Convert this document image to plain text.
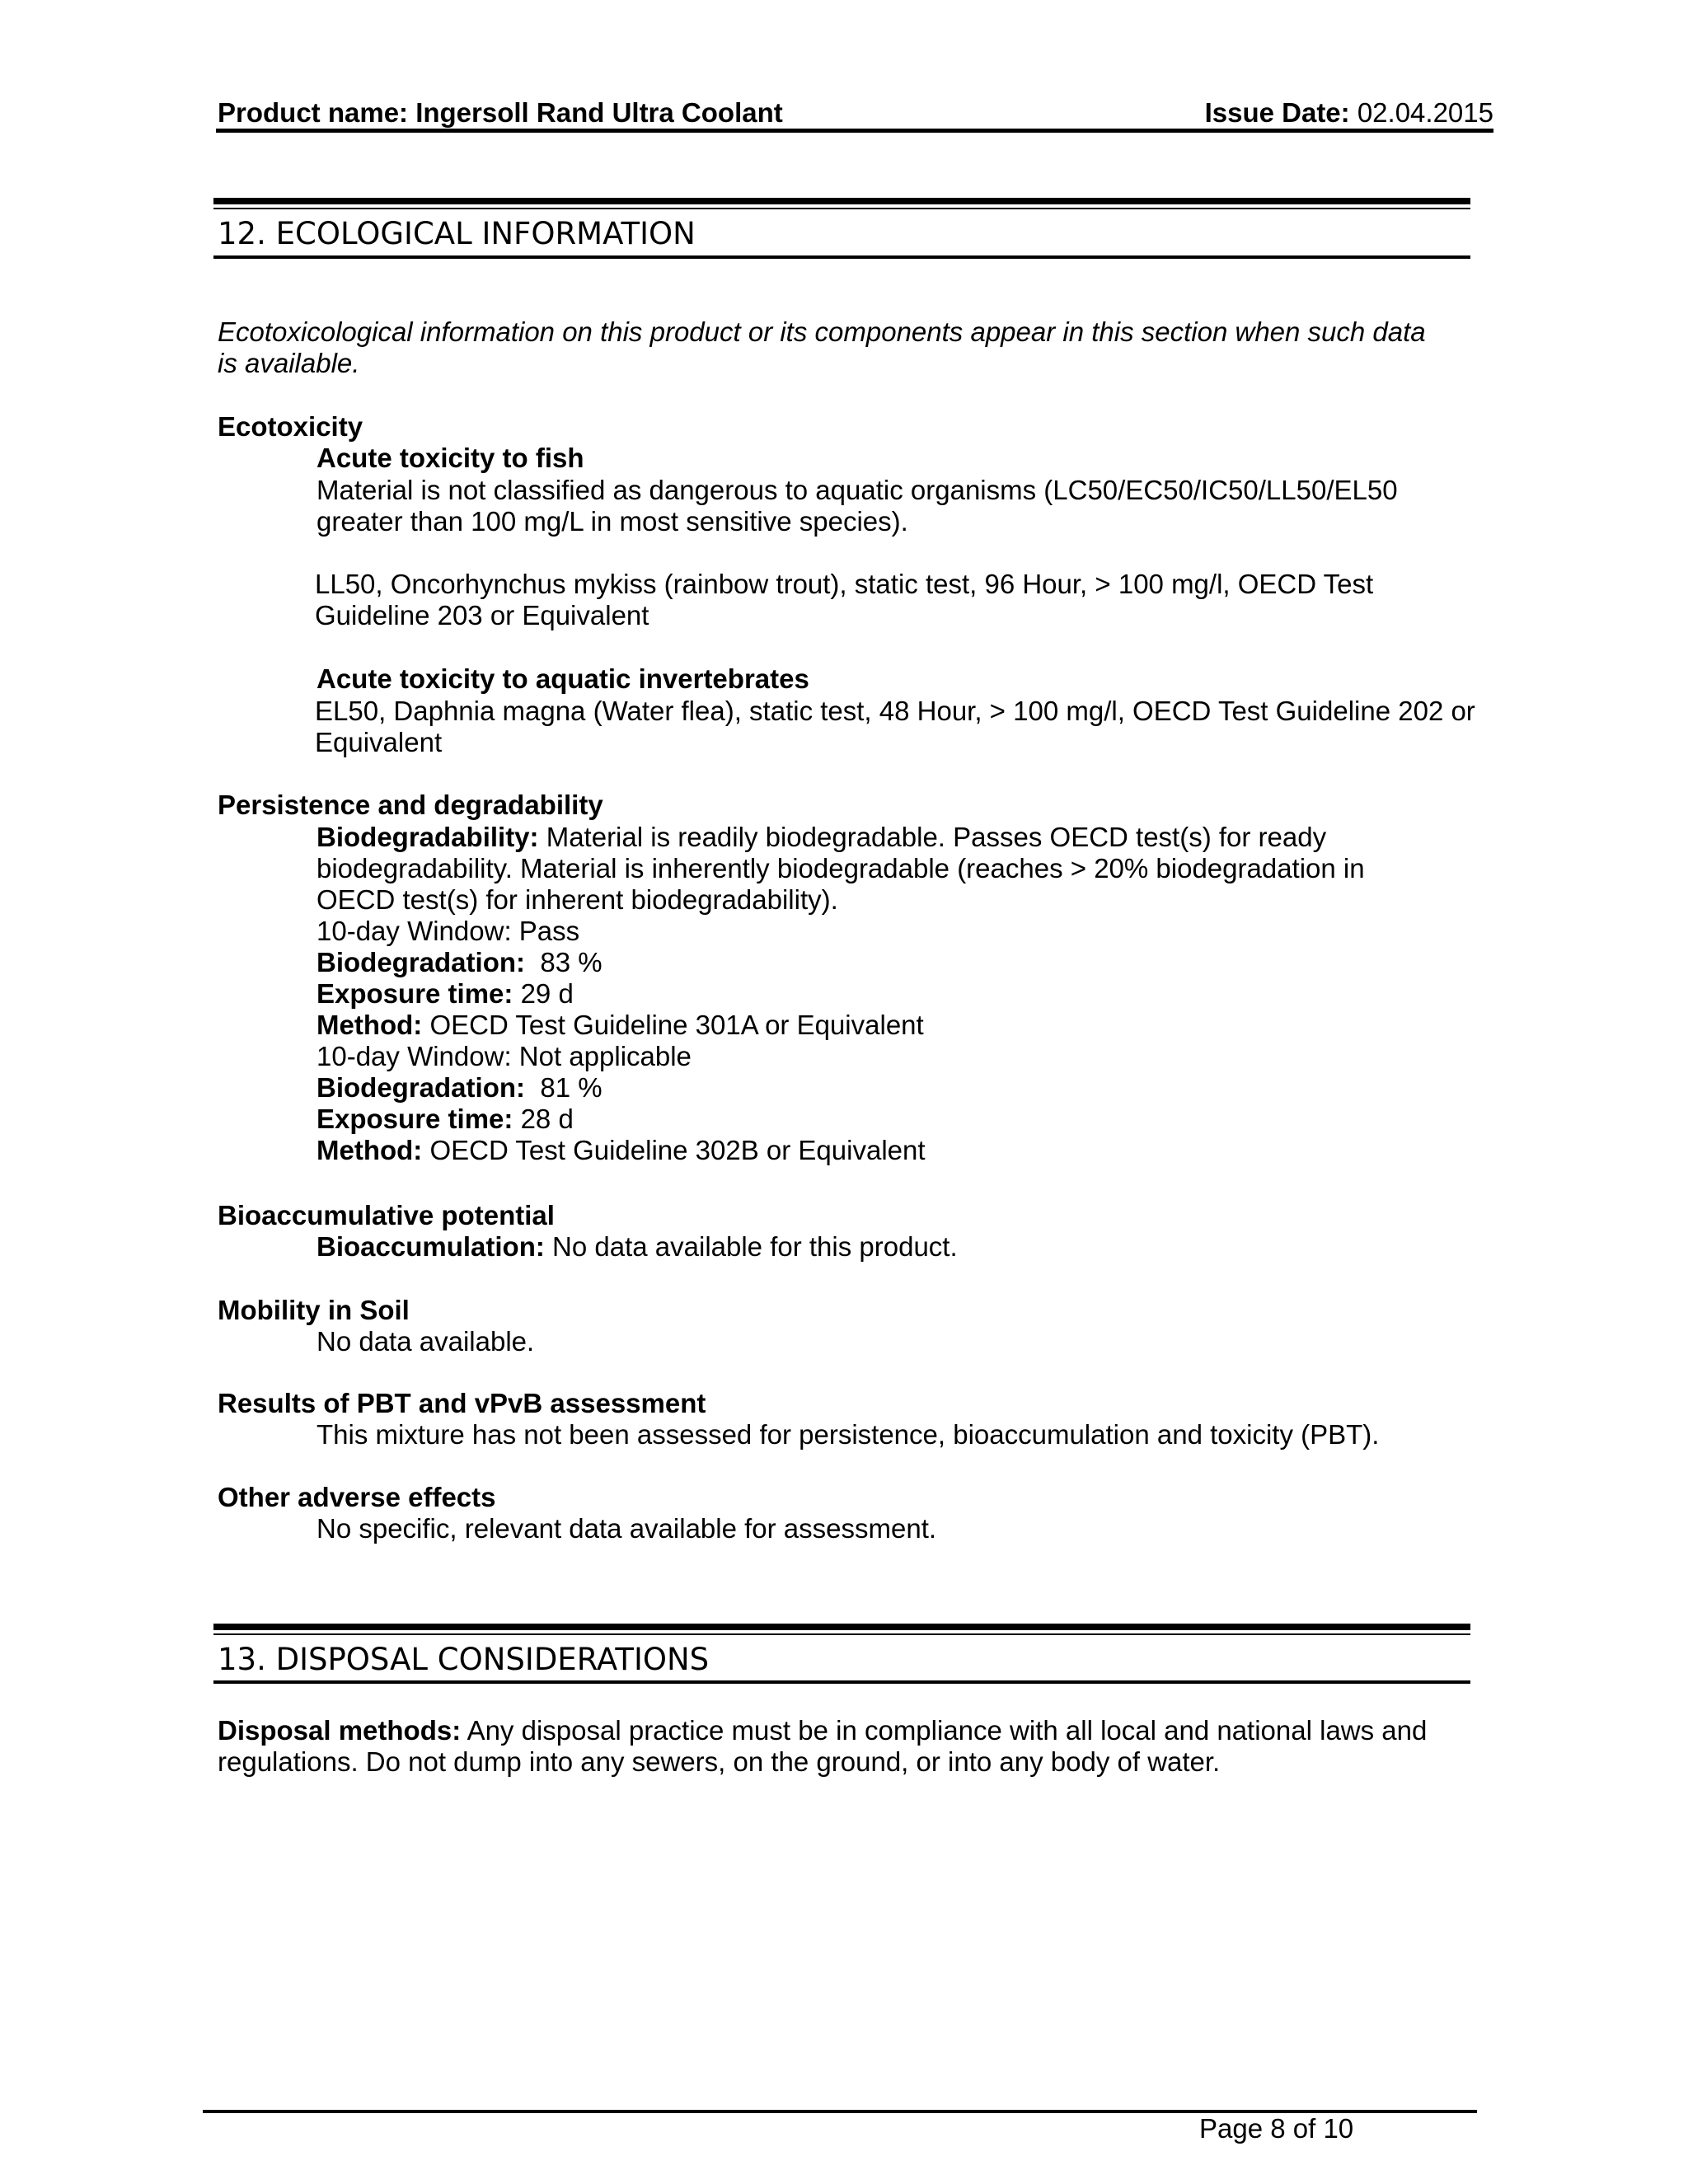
Product name: Ingersoll Rand Ultra Coolant	Issue Date: 02.04.2015
12. ECOLOGICAL INFORMATION
Ecotoxicological information on this product or its components appear in this section when such data is available.
Ecotoxicity
Acute toxicity to fish
Material is not classified as dangerous to aquatic organisms (LC50/EC50/IC50/LL50/EL50 greater than 100 mg/L in most sensitive species).
LL50, Oncorhynchus mykiss (rainbow trout), static test, 96 Hour, > 100 mg/l, OECD Test Guideline 203 or Equivalent
Acute toxicity to aquatic invertebrates
EL50, Daphnia magna (Water flea), static test, 48 Hour, > 100 mg/l, OECD Test Guideline 202 or Equivalent
Persistence and degradability
Biodegradability: Material is readily biodegradable. Passes OECD test(s) for ready biodegradability. Material is inherently biodegradable (reaches > 20% biodegradation in OECD test(s) for inherent biodegradability).
10-day Window: Pass
Biodegradation:  83 %
Exposure time: 29 d
Method: OECD Test Guideline 301A or Equivalent
10-day Window: Not applicable
Biodegradation:  81 %
Exposure time: 28 d
Method: OECD Test Guideline 302B or Equivalent
Bioaccumulative potential
Bioaccumulation: No data available for this product.
Mobility in Soil
No data available.
Results of PBT and vPvB assessment
This mixture has not been assessed for persistence, bioaccumulation and toxicity (PBT).
Other adverse effects
No specific, relevant data available for assessment.
13. DISPOSAL CONSIDERATIONS
Disposal methods: Any disposal practice must be in compliance with all local and national laws and regulations. Do not dump into any sewers, on the ground, or into any body of water.
Page 8 of 10
